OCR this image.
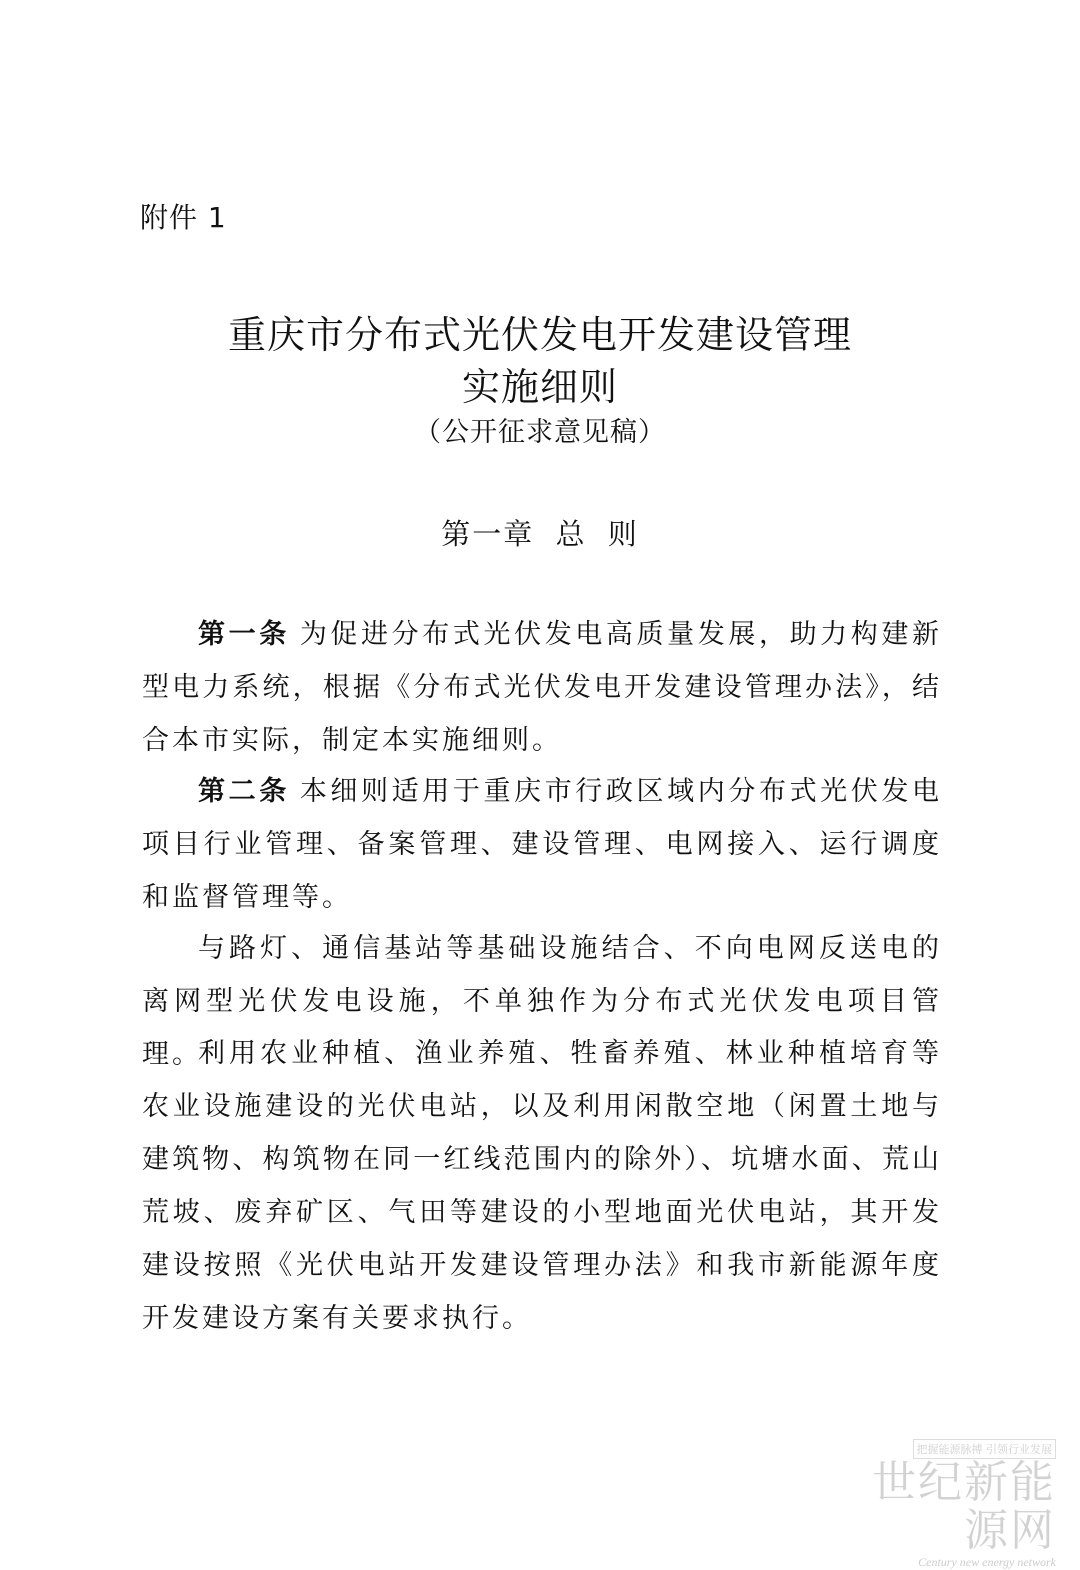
附件 1
重庆市分布式光伏发电开发建设管理
实施细则
（公开征求意见稿）
第一章 总 则

第一条 为促进分布式光伏发电高质量发展，助力构建新型电力系统，根据《分布式光伏发电开发建设管理办法》，结合本市实际，制定本实施细则。

第二条 本细则适用于重庆市行政区域内分布式光伏发电项目行业管理、备案管理、建设管理、电网接入、运行调度和监督管理等。

与路灯、通信基站等基础设施结合、不向电网反送电的离网型光伏发电设施，不单独作为分布式光伏发电项目管理。

利用农业种植、渔业养殖、牲畜养殖、林业种植培育等农业设施建设的光伏电站，以及利用闲散空地（闲置土地与建筑物、构筑物在同一红线范围内的除外）、坑塘水面、荒山荒坡、废弃矿区、气田等建设的小型地面光伏电站，其开发建设按照《光伏电站开发建设管理办法》和我市新能源年度开发建设方案有关要求执行。

把握能源脉搏 引领行业发展
世纪新能源网
Century new energy network
